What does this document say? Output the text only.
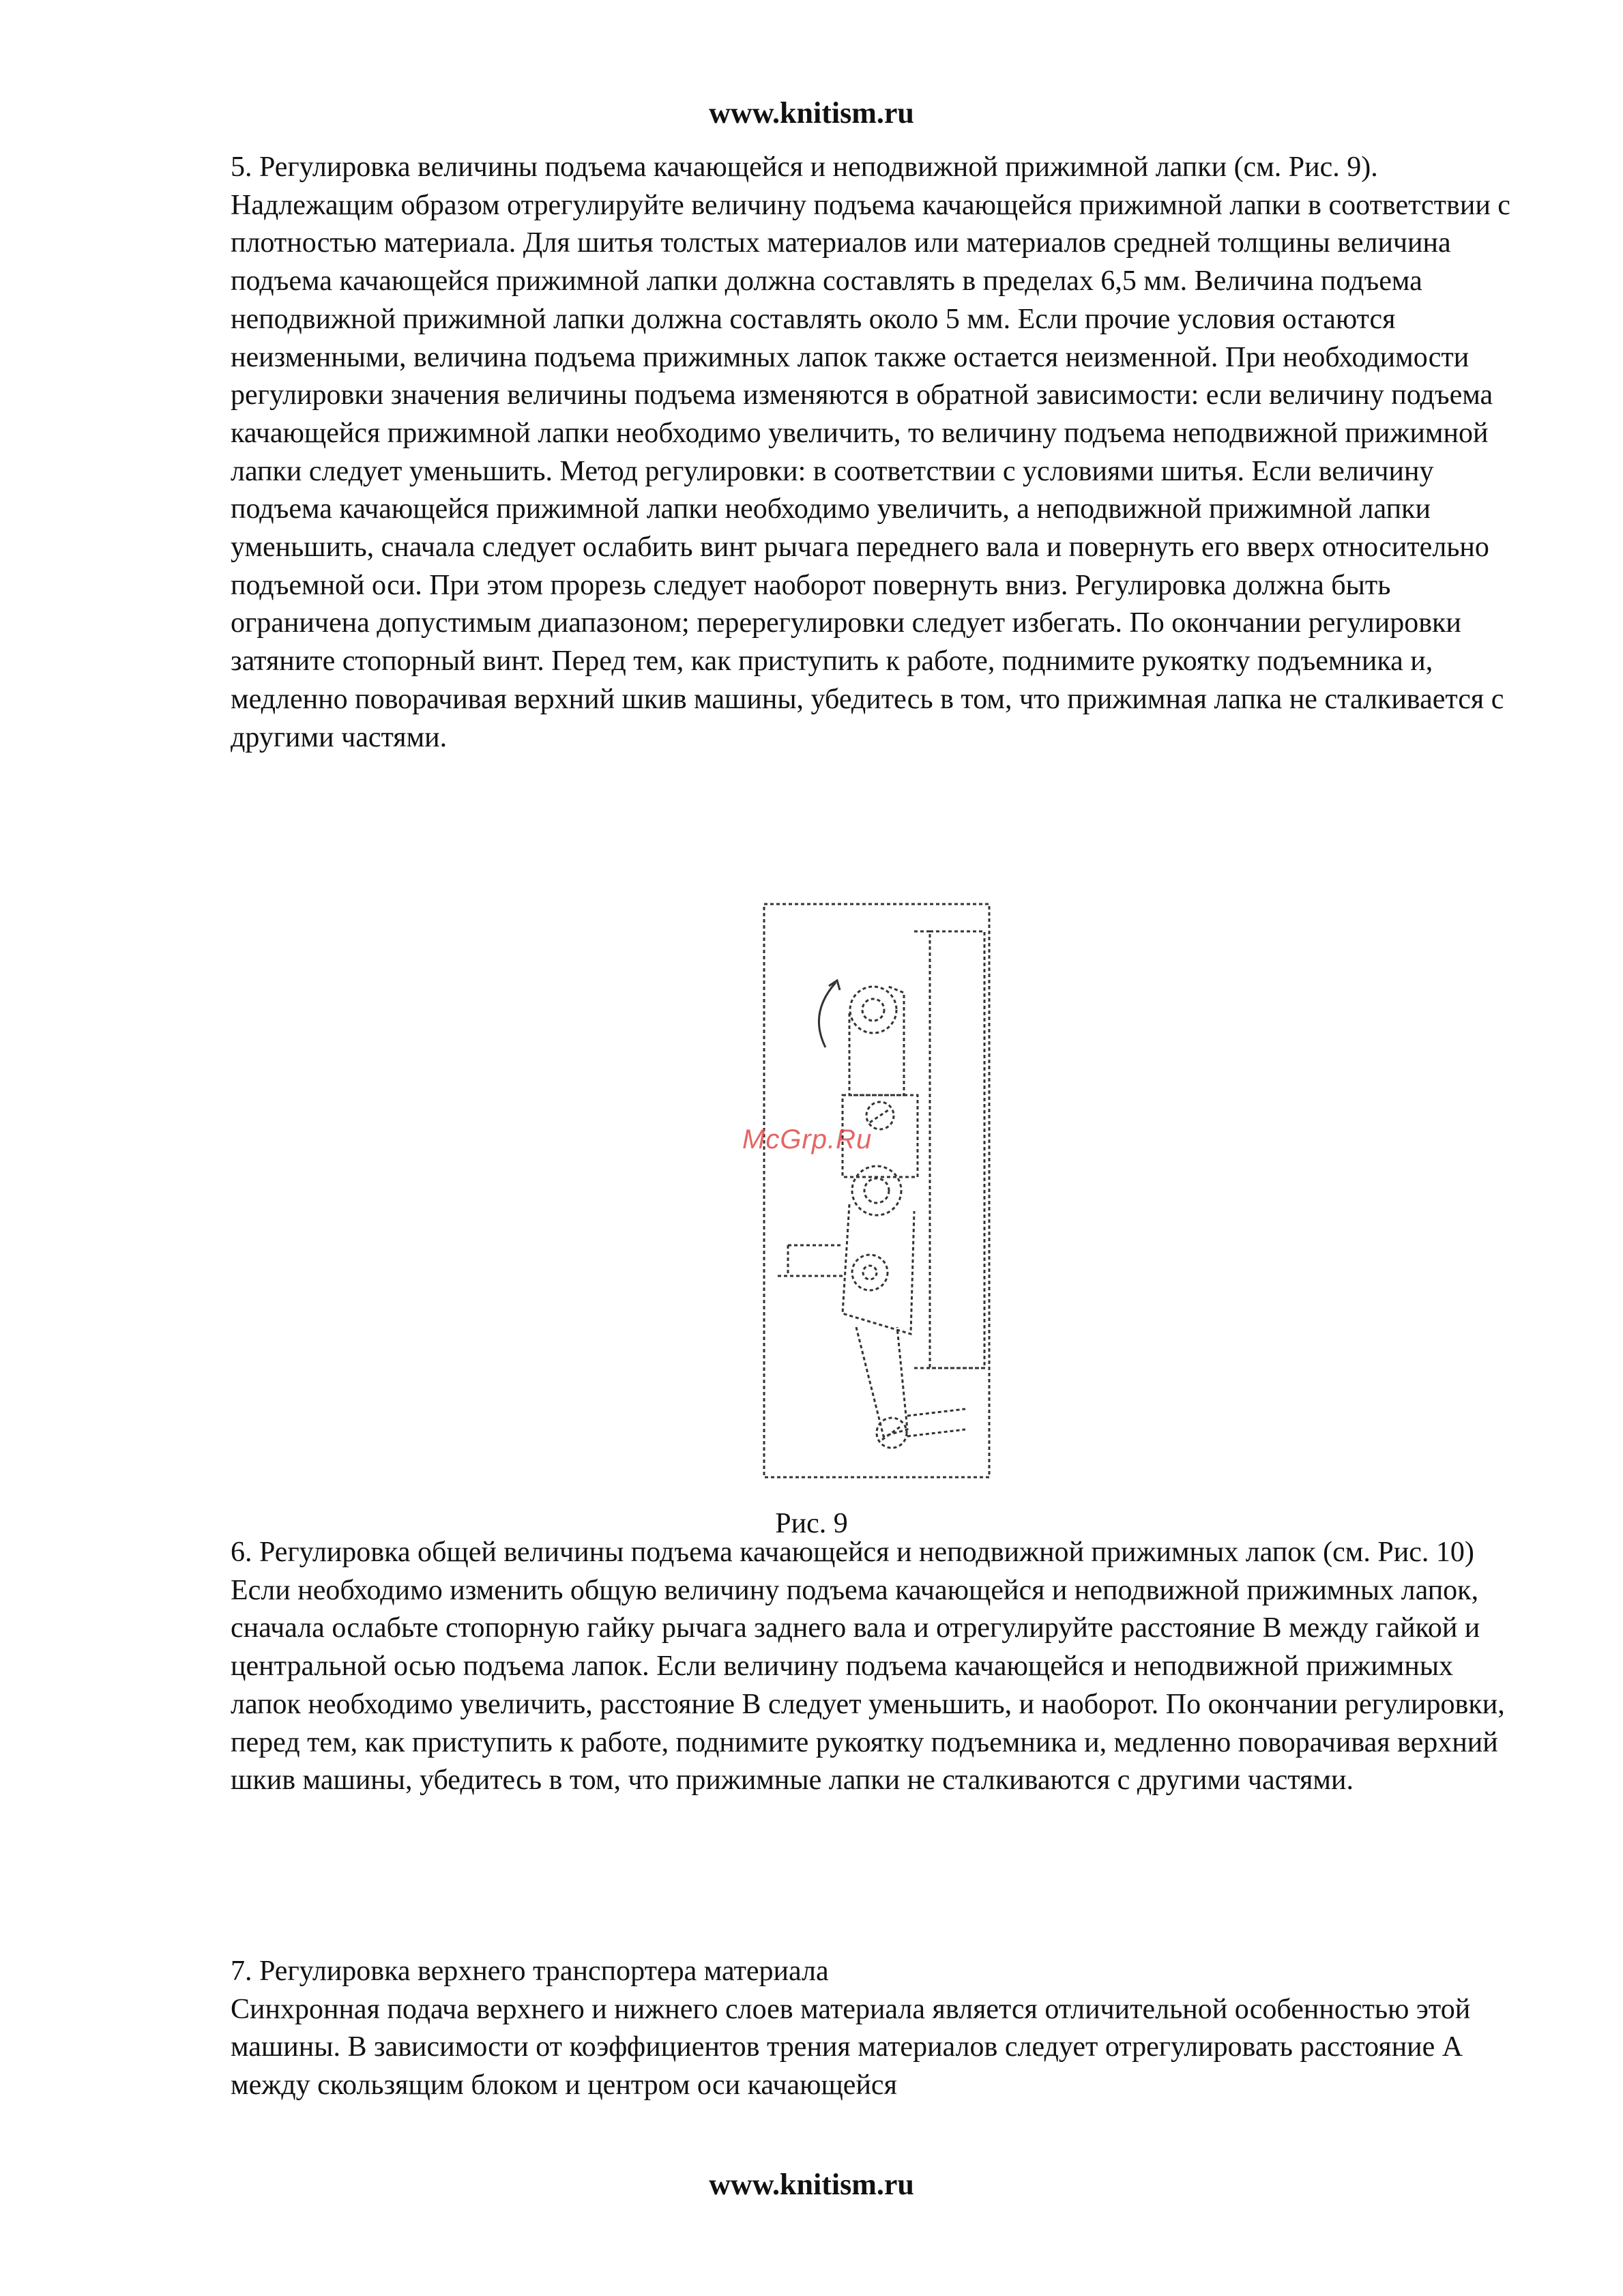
www.knitism.ru

5. Регулировка величины подъема качающейся и неподвижной прижимной лапки (см. Рис. 9).

Надлежащим образом отрегулируйте величину подъема качающейся прижимной лапки в соответствии с плотностью материала. Для шитья толстых материалов или материалов средней толщины величина подъема качающейся прижимной лапки должна составлять в пределах 6,5 мм. Величина подъема неподвижной прижимной лапки должна составлять около 5 мм. Если прочие условия остаются неизменными, величина подъема прижимных лапок также остается неизменной. При необходимости регулировки значения величины подъема изменяются в обратной зависимости: если величину подъема качающейся прижимной лапки необходимо увеличить, то величину подъема неподвижной прижимной лапки следует уменьшить. Метод регулировки: в соответствии с условиями шитья. Если величину подъема качающейся прижимной лапки необходимо увеличить, а неподвижной прижимной лапки уменьшить, сначала следует ослабить винт рычага переднего вала и повернуть его вверх относительно подъемной оси. При этом прорезь следует наоборот повернуть вниз. Регулировка должна быть ограничена допустимым диапазоном; перерегулировки следует избегать. По окончании регулировки затяните стопорный винт. Перед тем, как приступить к работе, поднимите рукоятку подъемника и, медленно поворачивая верхний шкив машины, убедитесь в том, что прижимная лапка не сталкивается с другими частями.

McGrp.Ru
Рис. 9

6. Регулировка общей величины подъема качающейся и неподвижной прижимных лапок (см. Рис. 10)

Если необходимо изменить общую величину подъема качающейся и неподвижной прижимных лапок, сначала ослабьте стопорную гайку рычага заднего вала и отрегулируйте расстояние B между гайкой и центральной осью подъема лапок. Если величину подъема качающейся и неподвижной прижимных лапок необходимо увеличить, расстояние B следует уменьшить, и наоборот. По окончании регулировки, перед тем, как приступить к работе, поднимите рукоятку подъемника и, медленно поворачивая верхний шкив машины, убедитесь в том, что прижимные лапки не сталкиваются с другими частями.

7. Регулировка верхнего транспортера материала

Синхронная подача верхнего и нижнего слоев материала является отличительной особенностью этой машины. В зависимости от коэффициентов трения материалов следует отрегулировать расстояние А между скользящим блоком и центром оси качающейся

www.knitism.ru
